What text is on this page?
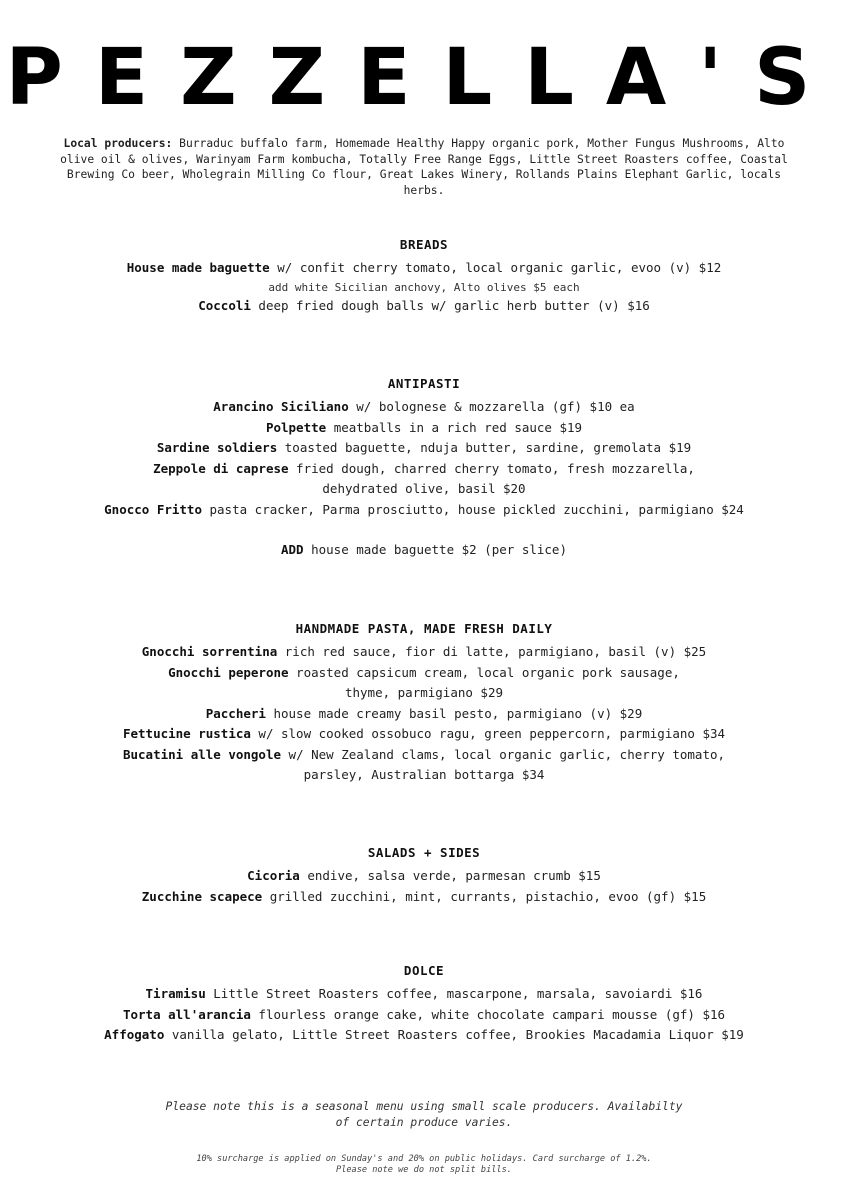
PEZZELLA'S
Local producers: Burraduc buffalo farm, Homemade Healthy Happy organic pork, Mother Fungus Mushrooms, Alto olive oil & olives, Warinyam Farm kombucha, Totally Free Range Eggs, Little Street Roasters coffee, Coastal Brewing Co beer, Wholegrain Milling Co flour, Great Lakes Winery, Rollands Plains Elephant Garlic, locals herbs.
BREADS
House made baguette w/ confit cherry tomato, local organic garlic, evoo (v) $12
add white Sicilian anchovy, Alto olives $5 each
Coccoli deep fried dough balls w/ garlic herb butter (v) $16
ANTIPASTI
Arancino Siciliano w/ bolognese & mozzarella (gf) $10 ea
Polpette meatballs in a rich red sauce $19
Sardine soldiers toasted baguette, nduja butter, sardine, gremolata $19
Zeppole di caprese fried dough, charred cherry tomato, fresh mozzarella,
dehydrated olive, basil $20
Gnocco Fritto pasta cracker, Parma prosciutto, house pickled zucchini, parmigiano $24
ADD house made baguette $2 (per slice)
HANDMADE PASTA, MADE FRESH DAILY
Gnocchi sorrentina rich red sauce, fior di latte, parmigiano, basil (v) $25
Gnocchi peperone roasted capsicum cream, local organic pork sausage,
thyme, parmigiano $29
Paccheri house made creamy basil pesto, parmigiano (v) $29
Fettucine rustica w/ slow cooked ossobuco ragu, green peppercorn, parmigiano $34
Bucatini alle vongole w/ New Zealand clams, local organic garlic, cherry tomato,
parsley, Australian bottarga $34
SALADS + SIDES
Cicoria endive, salsa verde, parmesan crumb $15
Zucchine scapece grilled zucchini, mint, currants, pistachio, evoo (gf) $15
DOLCE
Tiramisu Little Street Roasters coffee, mascarpone, marsala, savoiardi $16
Torta all'arancia flourless orange cake, white chocolate campari mousse (gf) $16
Affogato vanilla gelato, Little Street Roasters coffee, Brookies Macadamia Liquor $19
Please note this is a seasonal menu using small scale producers. Availabilty
of certain produce varies.
10% surcharge is applied on Sunday's and 20% on public holidays. Card surcharge of 1.2%.
Please note we do not split bills.
